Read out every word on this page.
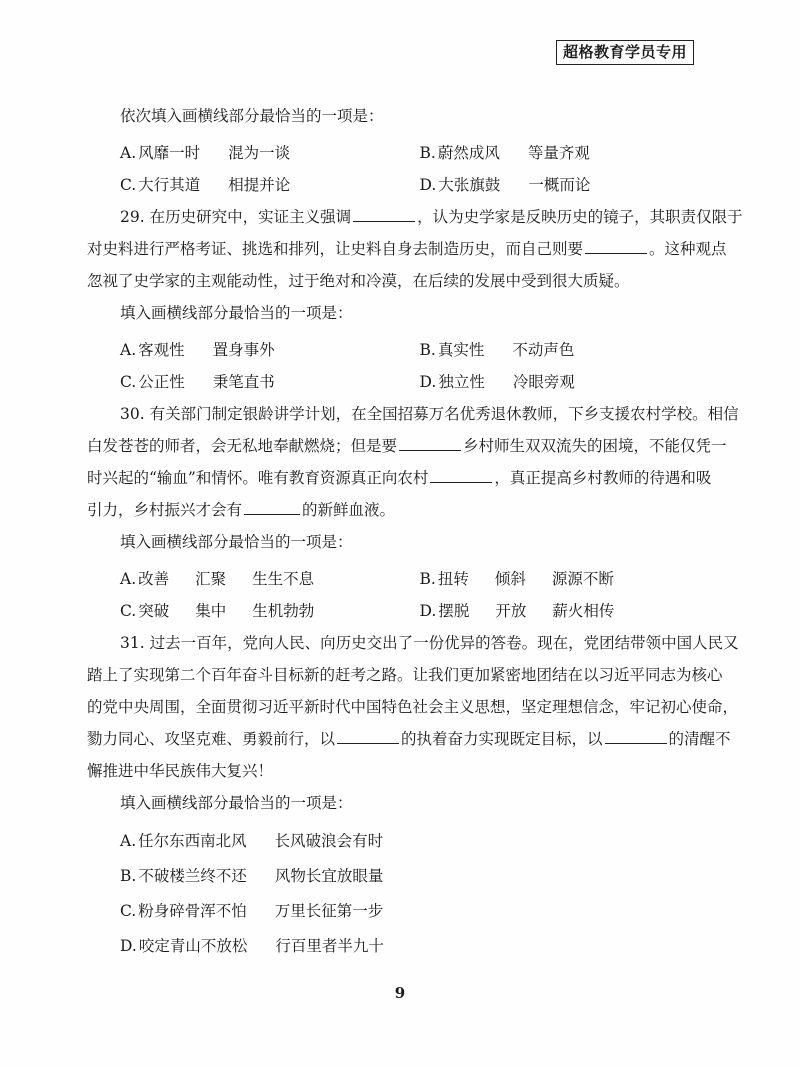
超格教育学员专用
依次填入画横线部分最恰当的一项是：
A. 风靡一时 混为一谈	B. 蔚然成风 等量齐观
C. 大行其道 相提并论	D. 大张旗鼓 一概而论
29. 在历史研究中，实证主义强调	，认为史学家是反映历史的镜子，其职责仅限于
对史料进行严格考证、挑选和排列，让史料自身去制造历史，而自己则要	。这种观点
忽视了史学家的主观能动性，过于绝对和冷漠，在后续的发展中受到很大质疑。
填入画横线部分最恰当的一项是：
A. 客观性 置身事外	B. 真实性 不动声色
C. 公正性 秉笔直书	D. 独立性 冷眼旁观
30. 有关部门制定银龄讲学计划，在全国招募万名优秀退休教师，下乡支援农村学校。相信
白发苍苍的师者，会无私地奉献燃烧；但是要	乡村师生双双流失的困境，不能仅凭一
时兴起的“输血”和情怀。唯有教育资源真正向农村	，真正提高乡村教师的待遇和吸
引力，乡村振兴才会有	的新鲜血液。
填入画横线部分最恰当的一项是：
A. 改善 汇聚 生生不息	B. 扭转 倾斜 源源不断
C. 突破 集中 生机勃勃	D. 摆脱 开放 薪火相传
31. 过去一百年，党向人民、向历史交出了一份优异的答卷。现在，党团结带领中国人民又
踏上了实现第二个百年奋斗目标新的赶考之路。让我们更加紧密地团结在以习近平同志为核心
的党中央周围，全面贯彻习近平新时代中国特色社会主义思想，坚定理想信念，牢记初心使命，
勠力同心、攻坚克难、勇毅前行，以	的执着奋力实现既定目标，以	的清醒不
懈推进中华民族伟大复兴！
填入画横线部分最恰当的一项是：
A. 任尔东西南北风 长风破浪会有时
B. 不破楼兰终不还 风物长宜放眼量
C. 粉身碎骨浑不怕 万里长征第一步
D. 咬定青山不放松 行百里者半九十
9
